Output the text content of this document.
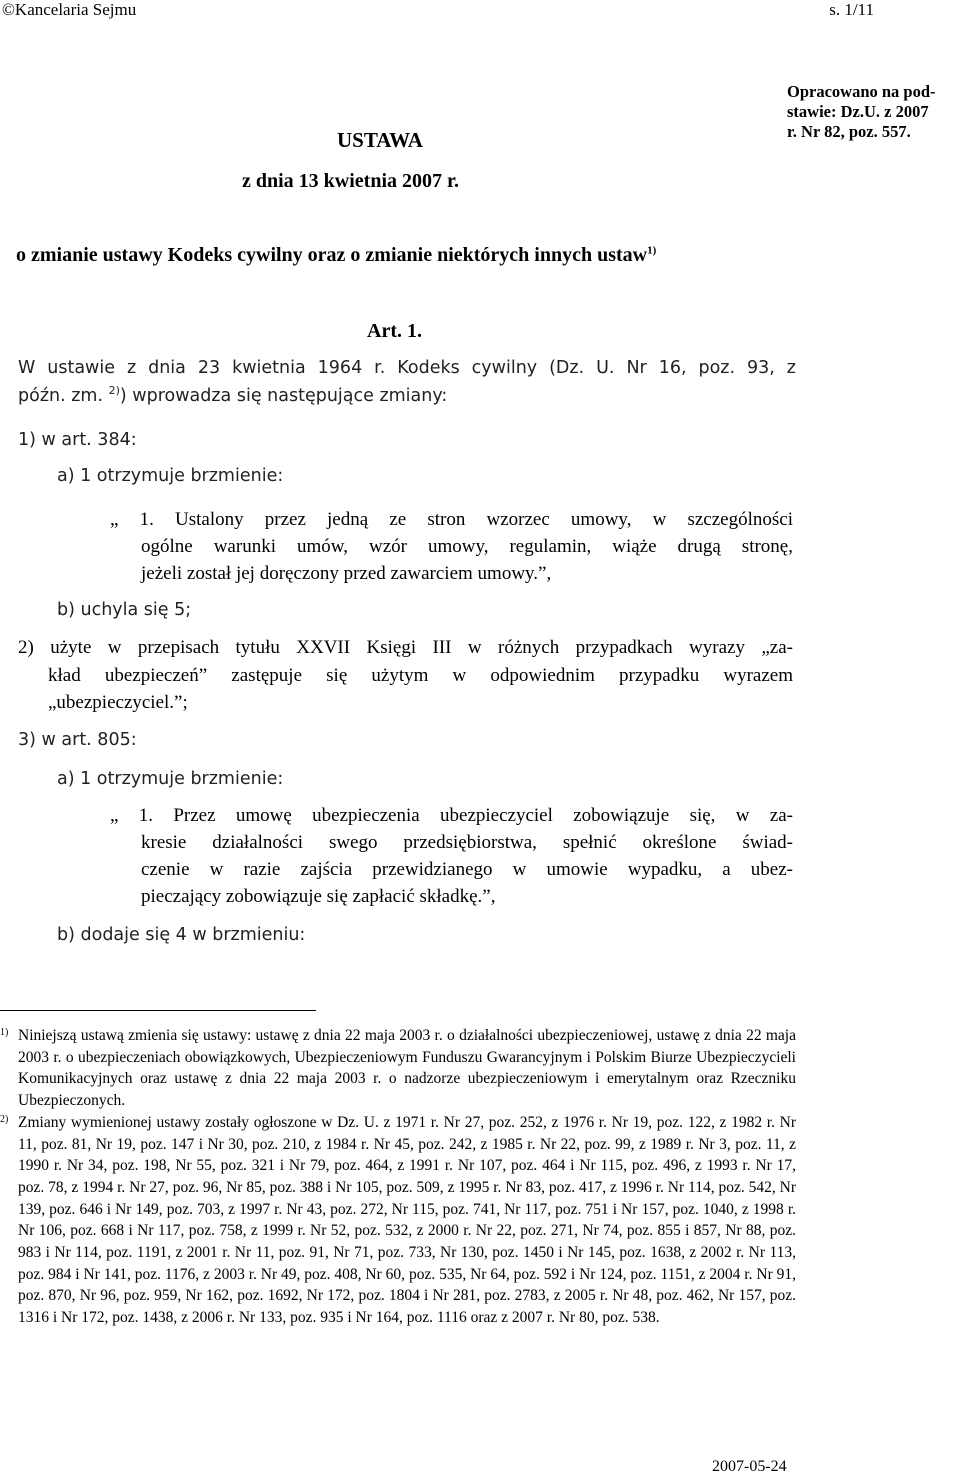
©Kancelaria Sejmu	s. 1/11
Opracowano na pod-
stawie: Dz.U. z 2007
r. Nr 82, poz. 557.
USTAWA
z dnia 13 kwietnia 2007 r.
o zmianie ustawy Kodeks cywilny oraz o zmianie niektórych innych ustaw$^{1)}$
Art. 1.
W ustawie z dnia 23 kwietnia 1964 r. Kodeks cywilny (Dz. U. Nr 16, poz. 93, z
późn. zm. $^{2)}$) wprowadza się następujące zmiany:
1) w art. 384:
a) 1 otrzymuje brzmienie:
„ 1. Ustalony przez jedną ze stron wzorzec umowy, w szczególności
ogólne warunki umów, wzór umowy, regulamin, wiąże drugą stronę,
jeżeli został jej doręczony przed zawarciem umowy.”,
b) uchyla się 5;
2) użyte w przepisach tytułu XXVII Księgi III w różnych przypadkach wyrazy „za-
kład ubezpieczeń” zastępuje się użytym w odpowiednim przypadku wyrazem
„ubezpieczyciel.”;
3) w art. 805:
a) 1 otrzymuje brzmienie:
„ 1. Przez umowę ubezpieczenia ubezpieczyciel zobowiązuje się, w za-
kresie działalności swego przedsiębiorstwa, spełnić określone świad-
czenie w razie zajścia przewidzianego w umowie wypadku, a ubez-
pieczający zobowiązuje się zapłacić składkę.”,
b) dodaje się 4 w brzmieniu:
1) Niniejszą ustawą zmienia się ustawy: ustawę z dnia 22 maja 2003 r. o działalności ubezpieczeniowej, ustawę z dnia 22 maja 2003 r. o ubezpieczeniach obowiązkowych, Ubezpieczeniowym Funduszu Gwarancyjnym i Polskim Biurze Ubezpieczycieli Komunikacyjnych oraz ustawę z dnia 22 maja 2003 r. o nadzorze ubezpieczeniowym i emerytalnym oraz Rzeczniku Ubezpieczonych.

2) Zmiany wymienionej ustawy zostały ogłoszone w Dz. U. z 1971 r. Nr 27, poz. 252, z 1976 r. Nr 19, poz. 122, z 1982 r. Nr 11, poz. 81, Nr 19, poz. 147 i Nr 30, poz. 210, z 1984 r. Nr 45, poz. 242, z 1985 r. Nr 22, poz. 99, z 1989 r. Nr 3, poz. 11, z 1990 r. Nr 34, poz. 198, Nr 55, poz. 321 i Nr 79, poz. 464, z 1991 r. Nr 107, poz. 464 i Nr 115, poz. 496, z 1993 r. Nr 17, poz. 78, z 1994 r. Nr 27, poz. 96, Nr 85, poz. 388 i Nr 105, poz. 509, z 1995 r. Nr 83, poz. 417, z 1996 r. Nr 114, poz. 542, Nr 139, poz. 646 i Nr 149, poz. 703, z 1997 r. Nr 43, poz. 272, Nr 115, poz. 741, Nr 117, poz. 751 i Nr 157, poz. 1040, z 1998 r. Nr 106, poz. 668 i Nr 117, poz. 758, z 1999 r. Nr 52, poz. 532, z 2000 r. Nr 22, poz. 271, Nr 74, poz. 855 i 857, Nr 88, poz. 983 i Nr 114, poz. 1191, z 2001 r. Nr 11, poz. 91, Nr 71, poz. 733, Nr 130, poz. 1450 i Nr 145, poz. 1638, z 2002 r. Nr 113, poz. 984 i Nr 141, poz. 1176, z 2003 r. Nr 49, poz. 408, Nr 60, poz. 535, Nr 64, poz. 592 i Nr 124, poz. 1151, z 2004 r. Nr 91, poz. 870, Nr 96, poz. 959, Nr 162, poz. 1692, Nr 172, poz. 1804 i Nr 281, poz. 2783, z 2005 r. Nr 48, poz. 462, Nr 157, poz. 1316 i Nr 172, poz. 1438, z 2006 r. Nr 133, poz. 935 i Nr 164, poz. 1116 oraz z 2007 r. Nr 80, poz. 538.

2007-05-24
